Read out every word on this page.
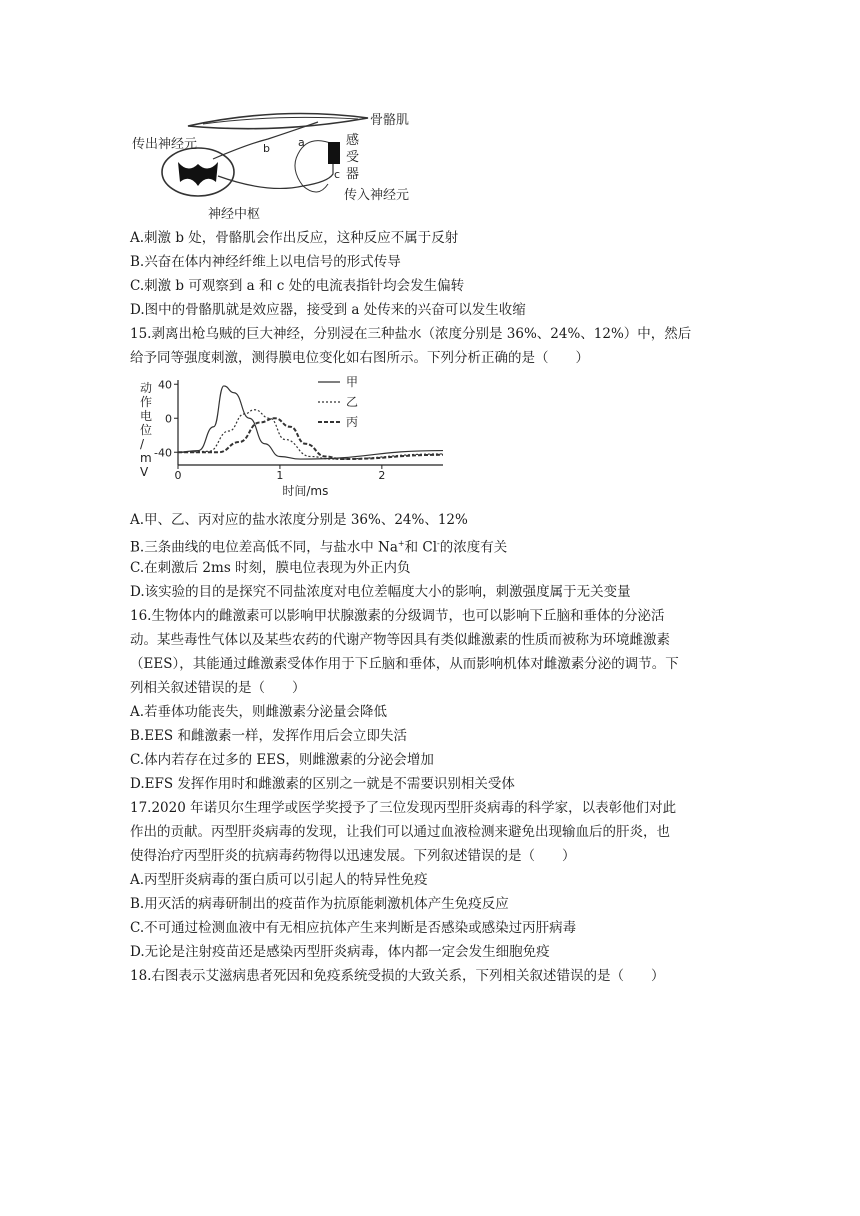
传出神经元
骨骼肌
感
受
器
传入神经元
神经中枢
b	a
c
A.刺激 b 处，骨骼肌会作出反应，这种反应不属于反射
B.兴奋在体内神经纤维上以电信号的形式传导
C.刺激 b 可观察到 a 和 c 处的电流表指针均会发生偏转
D.图中的骨骼肌就是效应器，接受到 a 处传来的兴奋可以发生收缩
15.剥离出枪乌贼的巨大神经，分别浸在三种盐水（浓度分别是 36%、24%、12%）中，然后
给予同等强度刺激，测得膜电位变化如右图所示。下列分析正确的是（　　）
动作电位/ m V
40
0
-40
0	1	2
时间/ms
甲
乙
丙
A.甲、乙、丙对应的盐水浓度分别是 36%、24%、12%
B.三条曲线的电位差高低不同，与盐水中 Na+和 Cl-的浓度有关
C.在刺激后 2ms 时刻，膜电位表现为外正内负
D.该实验的目的是探究不同盐浓度对电位差幅度大小的影响，刺激强度属于无关变量
16.生物体内的雌激素可以影响甲状腺激素的分级调节，也可以影响下丘脑和垂体的分泌活
动。某些毒性气体以及某些农药的代谢产物等因具有类似雌激素的性质而被称为环境雌激素
（EES），其能通过雌激素受体作用于下丘脑和垂体，从而影响机体对雌激素分泌的调节。下
列相关叙述错误的是（　　）
A.若垂体功能丧失，则雌激素分泌量会降低
B.EES 和雌激素一样，发挥作用后会立即失活
C.体内若存在过多的 EES，则雌激素的分泌会增加
D.EFS 发挥作用时和雌激素的区别之一就是不需要识别相关受体
17.2020 年诺贝尔生理学或医学奖授予了三位发现丙型肝炎病毒的科学家，以表彰他们对此
作出的贡献。丙型肝炎病毒的发现，让我们可以通过血液检测来避免出现输血后的肝炎，也
使得治疗丙型肝炎的抗病毒药物得以迅速发展。下列叙述错误的是（　　）
A.丙型肝炎病毒的蛋白质可以引起人的特异性免疫
B.用灭活的病毒研制出的疫苗作为抗原能刺激机体产生免疫反应
C.不可通过检测血液中有无相应抗体产生来判断是否感染或感染过丙肝病毒
D.无论是注射疫苗还是感染丙型肝炎病毒，体内都一定会发生细胞免疫
18.右图表示艾滋病患者死因和免疫系统受损的大致关系，下列相关叙述错误的是（　　）
